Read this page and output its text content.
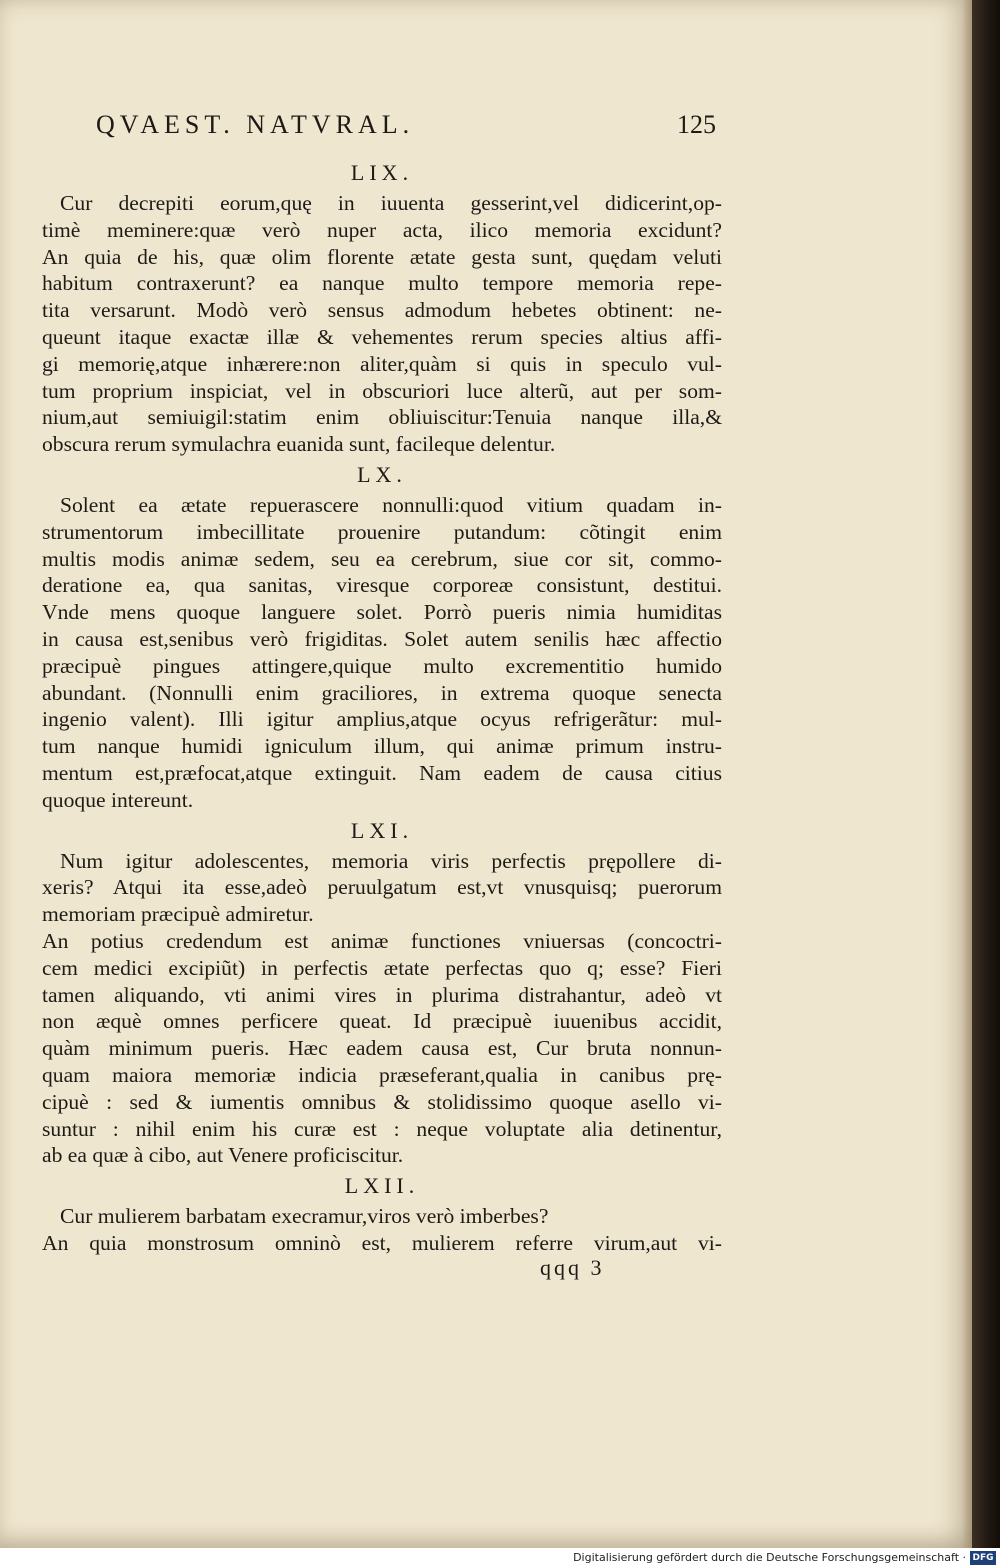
QVAEST. NATVRAL.	125
LIX.
Cur decrepiti eorum,quę in iuuenta gesserint,vel didicerint,op-
timè meminere:quæ verò nuper acta, ilico memoria excidunt?
An quia de his, quæ olim florente ætate gesta sunt, quędam veluti
habitum contraxerunt? ea nanque multo tempore memoria repe-
tita versarunt. Modò verò sensus admodum hebetes obtinent: ne-
queunt itaque exactæ illæ & vehementes rerum species altius affi-
gi memorię,atque inhærere:non aliter,quàm si quis in speculo vul-
tum proprium inspiciat, vel in obscuriori luce alterũ, aut per som-
nium,aut semiuigil:statim enim obliuiscitur:Tenuia nanque illa,&
obscura rerum symulachra euanida sunt, facileque delentur.
LX.
Solent ea ætate repuerascere nonnulli:quod vitium quadam in-
strumentorum imbecillitate prouenire putandum: cõtingit enim
multis modis animæ sedem, seu ea cerebrum, siue cor sit, commo-
deratione ea, qua sanitas, viresque corporeæ consistunt, destitui.
Vnde mens quoque languere solet. Porrò pueris nimia humiditas
in causa est,senibus verò frigiditas. Solet autem senilis hæc affectio
præcipuè pingues attingere,quique multo excrementitio humido
abundant. (Nonnulli enim graciliores, in extrema quoque senecta
ingenio valent). Illi igitur amplius,atque ocyus refrigerãtur: mul-
tum nanque humidi igniculum illum, qui animæ primum instru-
mentum est,præfocat,atque extinguit. Nam eadem de causa citius
quoque intereunt.
LXI.
Num igitur adolescentes, memoria viris perfectis prępollere di-
xeris? Atqui ita esse,adeò peruulgatum est,vt vnusquisq; puerorum
memoriam præcipuè admiretur.
An potius credendum est animæ functiones vniuersas (concoctri-
cem medici excipiũt) in perfectis ætate perfectas quo q; esse? Fieri
tamen aliquando, vti animi vires in plurima distrahantur, adeò vt
non æquè omnes perficere queat. Id præcipuè iuuenibus accidit,
quàm minimum pueris. Hæc eadem causa est, Cur bruta nonnun-
quam maiora memoriæ indicia præseferant,qualia in canibus prę-
cipuè : sed & iumentis omnibus & stolidissimo quoque asello vi-
suntur : nihil enim his curæ est : neque voluptate alia detinentur,
ab ea quæ à cibo, aut Venere proficiscitur.
LXII.
Cur mulierem barbatam execramur,viros verò imberbes?
An quia monstrosum omninò est, mulierem referre virum,aut vi-
qqq 3
Digitalisierung gefördert durch die Deutsche Forschungsgemeinschaft · DFG
